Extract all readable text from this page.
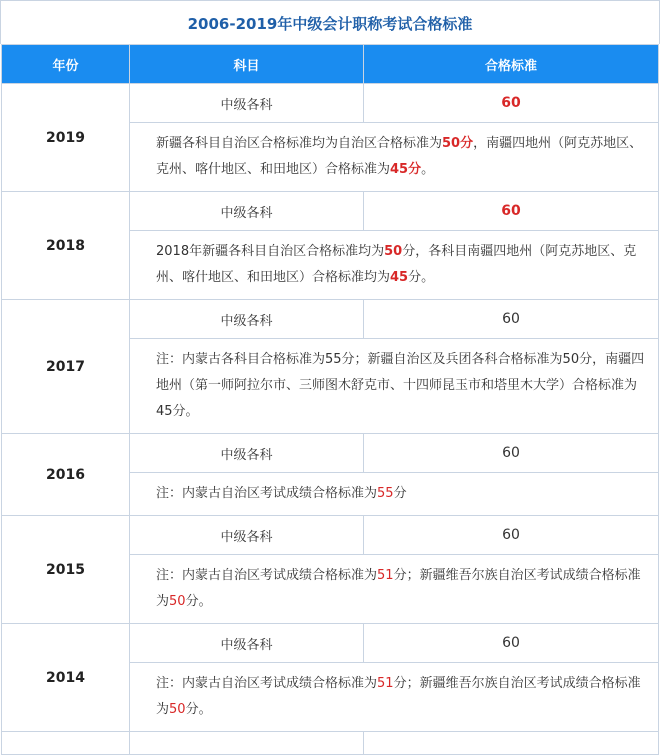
2006-2019年中级会计职称考试合格标准
年份	科目	合格标准
2019	中级各科	60
	新疆各科目自治区合格标准均为自治区合格标准为50分，南疆四地州（阿克苏地区、克州、喀什地区、和田地区）合格标准为45分。	
2018	中级各科	60
	2018年新疆各科目自治区合格标准均为50分，各科目南疆四地州（阿克苏地区、克州、喀什地区、和田地区）合格标准均为45分。	
2017	中级各科	60
	注：内蒙古各科目合格标准为55分；新疆自治区及兵团各科合格标准为50分，南疆四地州（第一师阿拉尔市、三师图木舒克市、十四师昆玉市和塔里木大学）合格标准为45分。	
2016	中级各科	60
	注：内蒙古自治区考试成绩合格标准为55分	
2015	中级各科	60
	注：内蒙古自治区考试成绩合格标准为51分；新疆维吾尔族自治区考试成绩合格标准为50分。	
2014	中级各科	60
	注：内蒙古自治区考试成绩合格标准为51分；新疆维吾尔族自治区考试成绩合格标准为50分。	
